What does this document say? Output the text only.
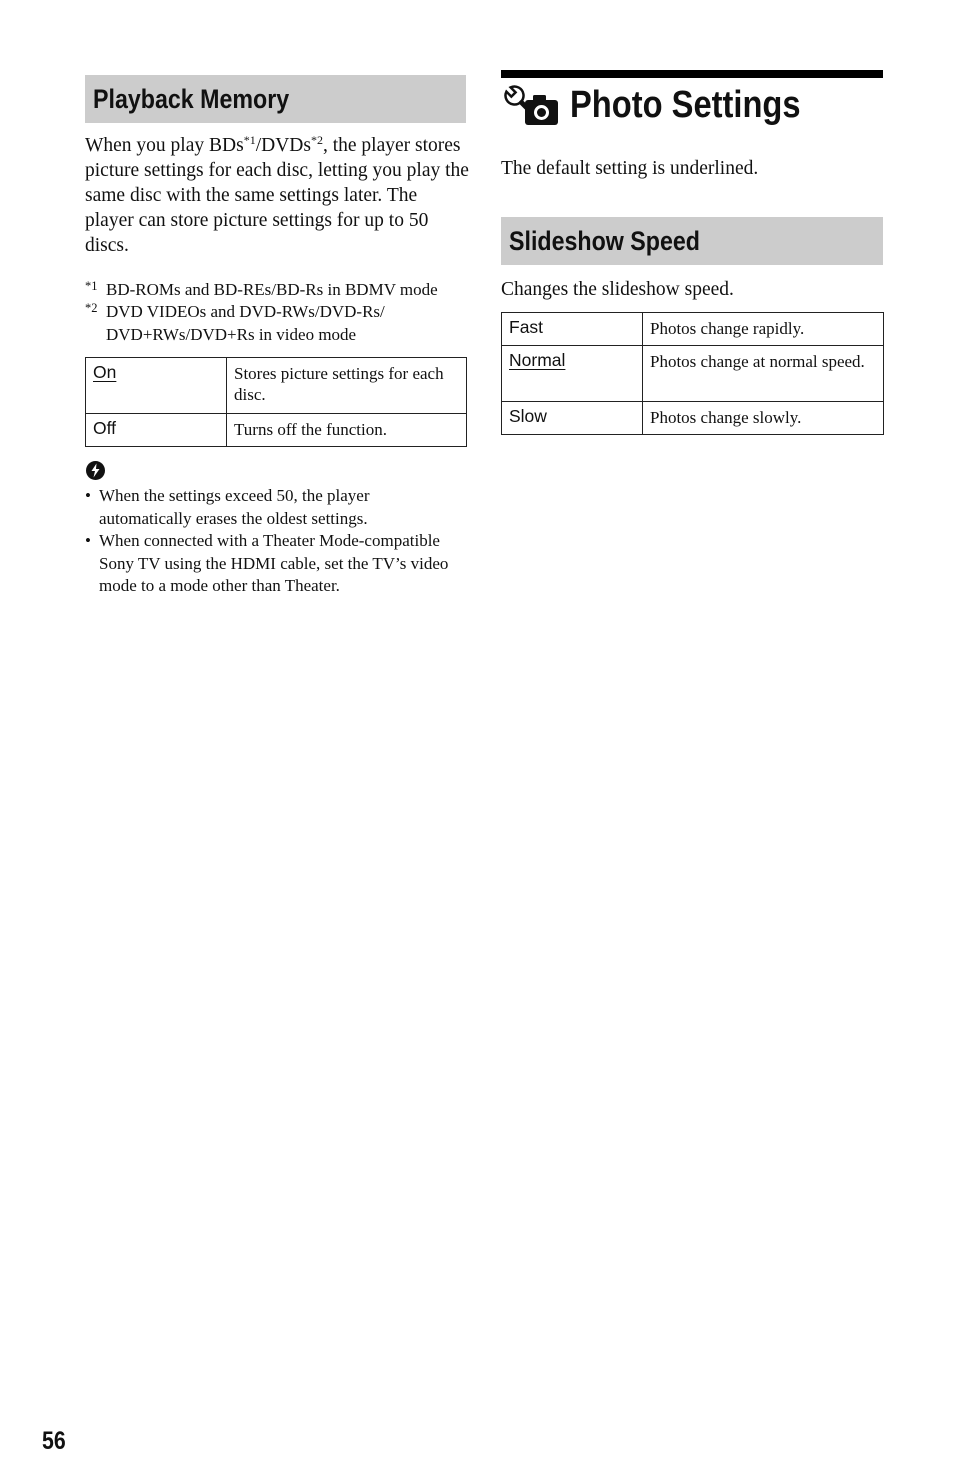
Playback Memory
When you play BDs$^{*1}$/DVDs$^{*2}$, the player stores picture settings for each disc, letting you play the same disc with the same settings later. The player can store picture settings for up to 50 discs.
*1 BD-ROMs and BD-REs/BD-Rs in BDMV mode
*2 DVD VIDEOs and DVD-RWs/DVD-Rs/ DVD+RWs/DVD+Rs in video mode
On	Stores picture settings for each disc.
Off	Turns off the function.
• When the settings exceed 50, the player automatically erases the oldest settings.
• When connected with a Theater Mode-compatible Sony TV using the HDMI cable, set the TV’s video mode to a mode other than Theater.
Photo Settings
The default setting is underlined.
Slideshow Speed
Changes the slideshow speed.
Fast	Photos change rapidly.
Normal	Photos change at normal speed.
Slow	Photos change slowly.
56
